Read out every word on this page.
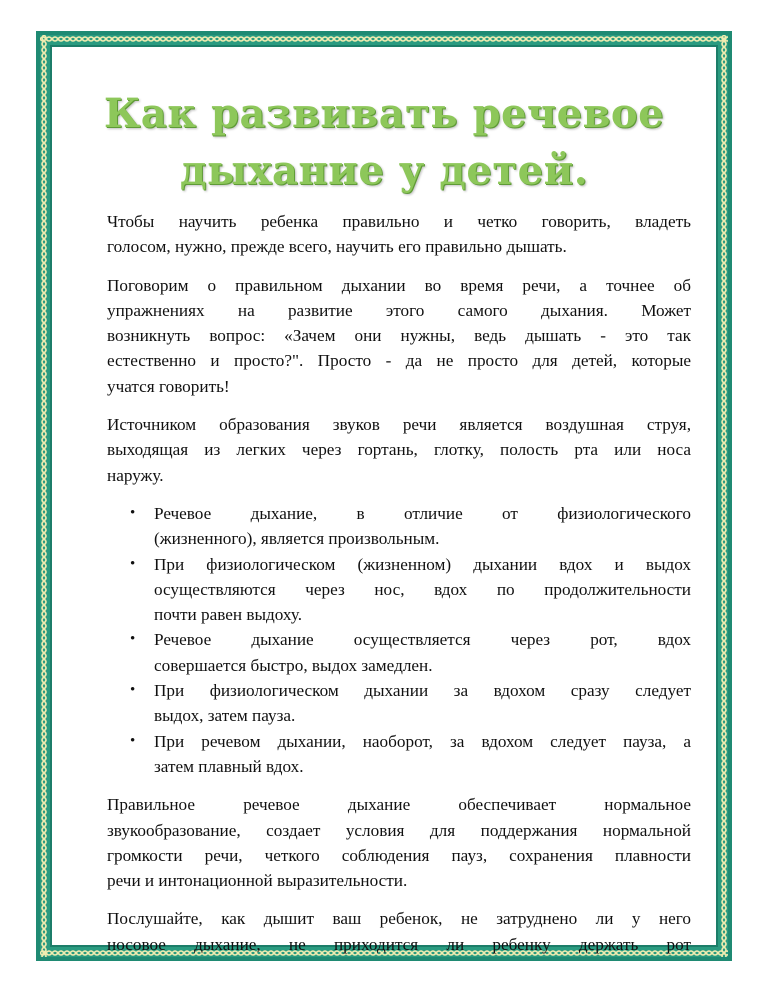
Как развивать речевое
дыхание у детей.
Чтобы научить ребенка правильно и четко говорить, владеть
голосом, нужно, прежде всего, научить его правильно дышать.
Поговорим о правильном дыхании во время речи, а точнее об
упражнениях на развитие этого самого дыхания. Может
возникнуть вопрос: «Зачем они нужны, ведь дышать - это так
естественно и просто?". Просто - да не просто для детей, которые
учатся говорить!
Источником образования звуков речи является воздушная струя,
выходящая из легких через гортань, глотку, полость рта или носа
наружу.
• Речевое дыхание, в отличие от физиологического
(жизненного), является произвольным.
• При физиологическом (жизненном) дыхании вдох и выдох
осуществляются через нос, вдох по продолжительности
почти равен выдоху.
• Речевое дыхание осуществляется через рот, вдох
совершается быстро, выдох замедлен.
• При физиологическом дыхании за вдохом сразу следует
выдох, затем пауза.
• При речевом дыхании, наоборот, за вдохом следует пауза, а
затем плавный вдох.
Правильное речевое дыхание обеспечивает нормальное
звукообразование, создает условия для поддержания нормальной
громкости речи, четкого соблюдения пауз, сохранения плавности
речи и интонационной выразительности.
Послушайте, как дышит ваш ребенок, не затруднено ли у него
носовое дыхание, не приходится ли ребенку держать рот
